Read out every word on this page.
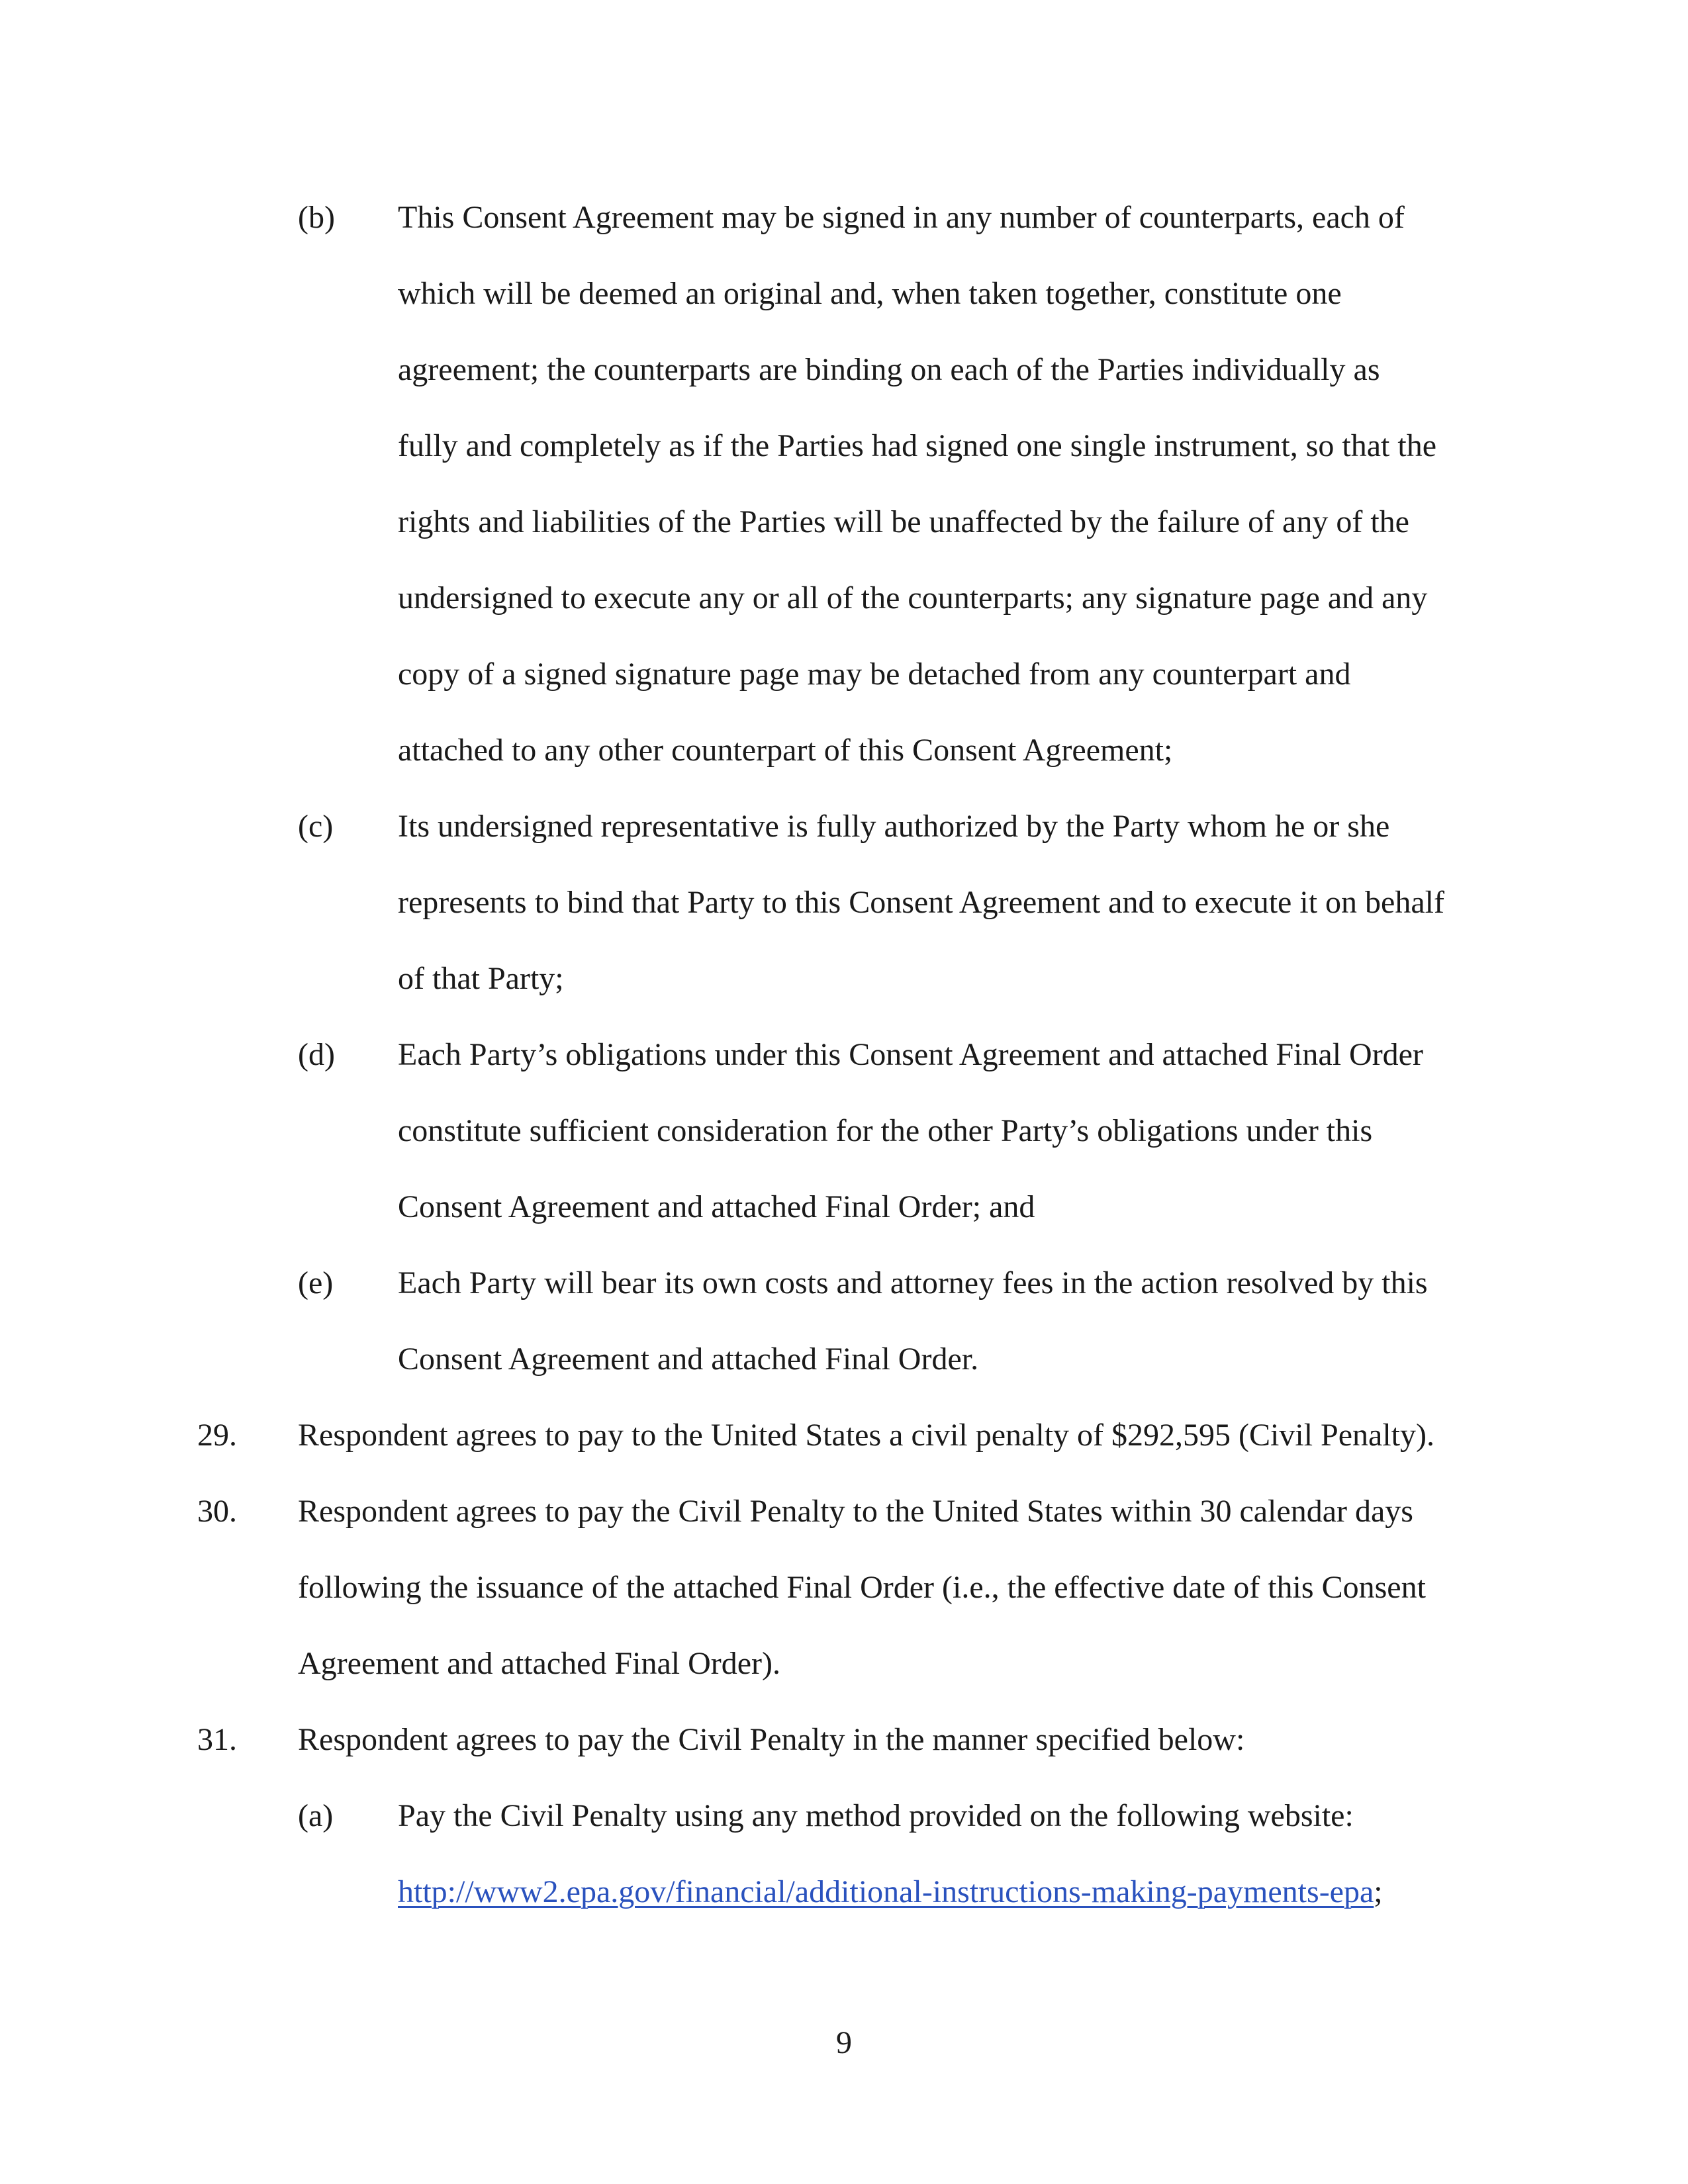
(b) This Consent Agreement may be signed in any number of counterparts, each of
which will be deemed an original and, when taken together, constitute one
agreement; the counterparts are binding on each of the Parties individually as
fully and completely as if the Parties had signed one single instrument, so that the
rights and liabilities of the Parties will be unaffected by the failure of any of the
undersigned to execute any or all of the counterparts; any signature page and any
copy of a signed signature page may be detached from any counterpart and
attached to any other counterpart of this Consent Agreement;
(c) Its undersigned representative is fully authorized by the Party whom he or she
represents to bind that Party to this Consent Agreement and to execute it on behalf
of that Party;
(d) Each Party’s obligations under this Consent Agreement and attached Final Order
constitute sufficient consideration for the other Party’s obligations under this
Consent Agreement and attached Final Order; and
(e) Each Party will bear its own costs and attorney fees in the action resolved by this
Consent Agreement and attached Final Order.
29. Respondent agrees to pay to the United States a civil penalty of $292,595 (Civil Penalty).
30. Respondent agrees to pay the Civil Penalty to the United States within 30 calendar days
following the issuance of the attached Final Order (i.e., the effective date of this Consent
Agreement and attached Final Order).
31. Respondent agrees to pay the Civil Penalty in the manner specified below:
(a) Pay the Civil Penalty using any method provided on the following website:
http://www2.epa.gov/financial/additional-instructions-making-payments-epa;
9
